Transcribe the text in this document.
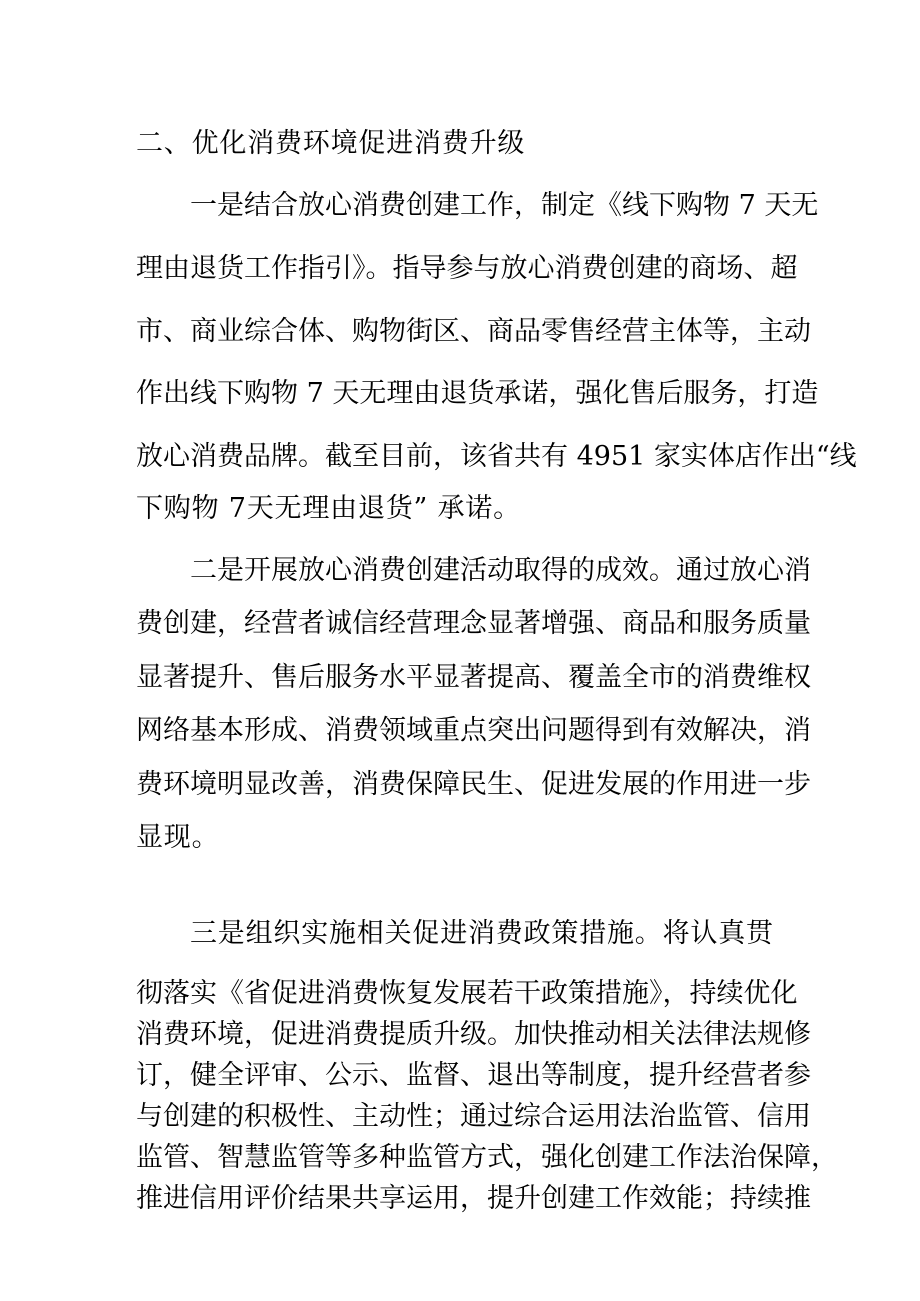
二、优化消费环境促进消费升级
一是结合放心消费创建工作，制定《线下购物 7 天无
理由退货工作指引》。指导参与放心消费创建的商场、超
市、商业综合体、购物街区、商品零售经营主体等，主动
作出线下购物 7 天无理由退货承诺，强化售后服务，打造
放心消费品牌。截至目前，该省共有 4951 家实体店作出“线
下购物 7天无理由退货” 承诺。
二是开展放心消费创建活动取得的成效。通过放心消
费创建，经营者诚信经营理念显著增强、商品和服务质量
显著提升、售后服务水平显著提高、覆盖全市的消费维权
网络基本形成、消费领域重点突出问题得到有效解决，消
费环境明显改善，消费保障民生、促进发展的作用进一步
显现。
三是组织实施相关促进消费政策措施。将认真贯
彻落实《省促进消费恢复发展若干政策措施》，持续优化
消费环境，促进消费提质升级。加快推动相关法律法规修
订，健全评审、公示、监督、退出等制度，提升经营者参
与创建的积极性、主动性；通过综合运用法治监管、信用
监管、智慧监管等多种监管方式，强化创建工作法治保障，
推进信用评价结果共享运用，提升创建工作效能；持续推
